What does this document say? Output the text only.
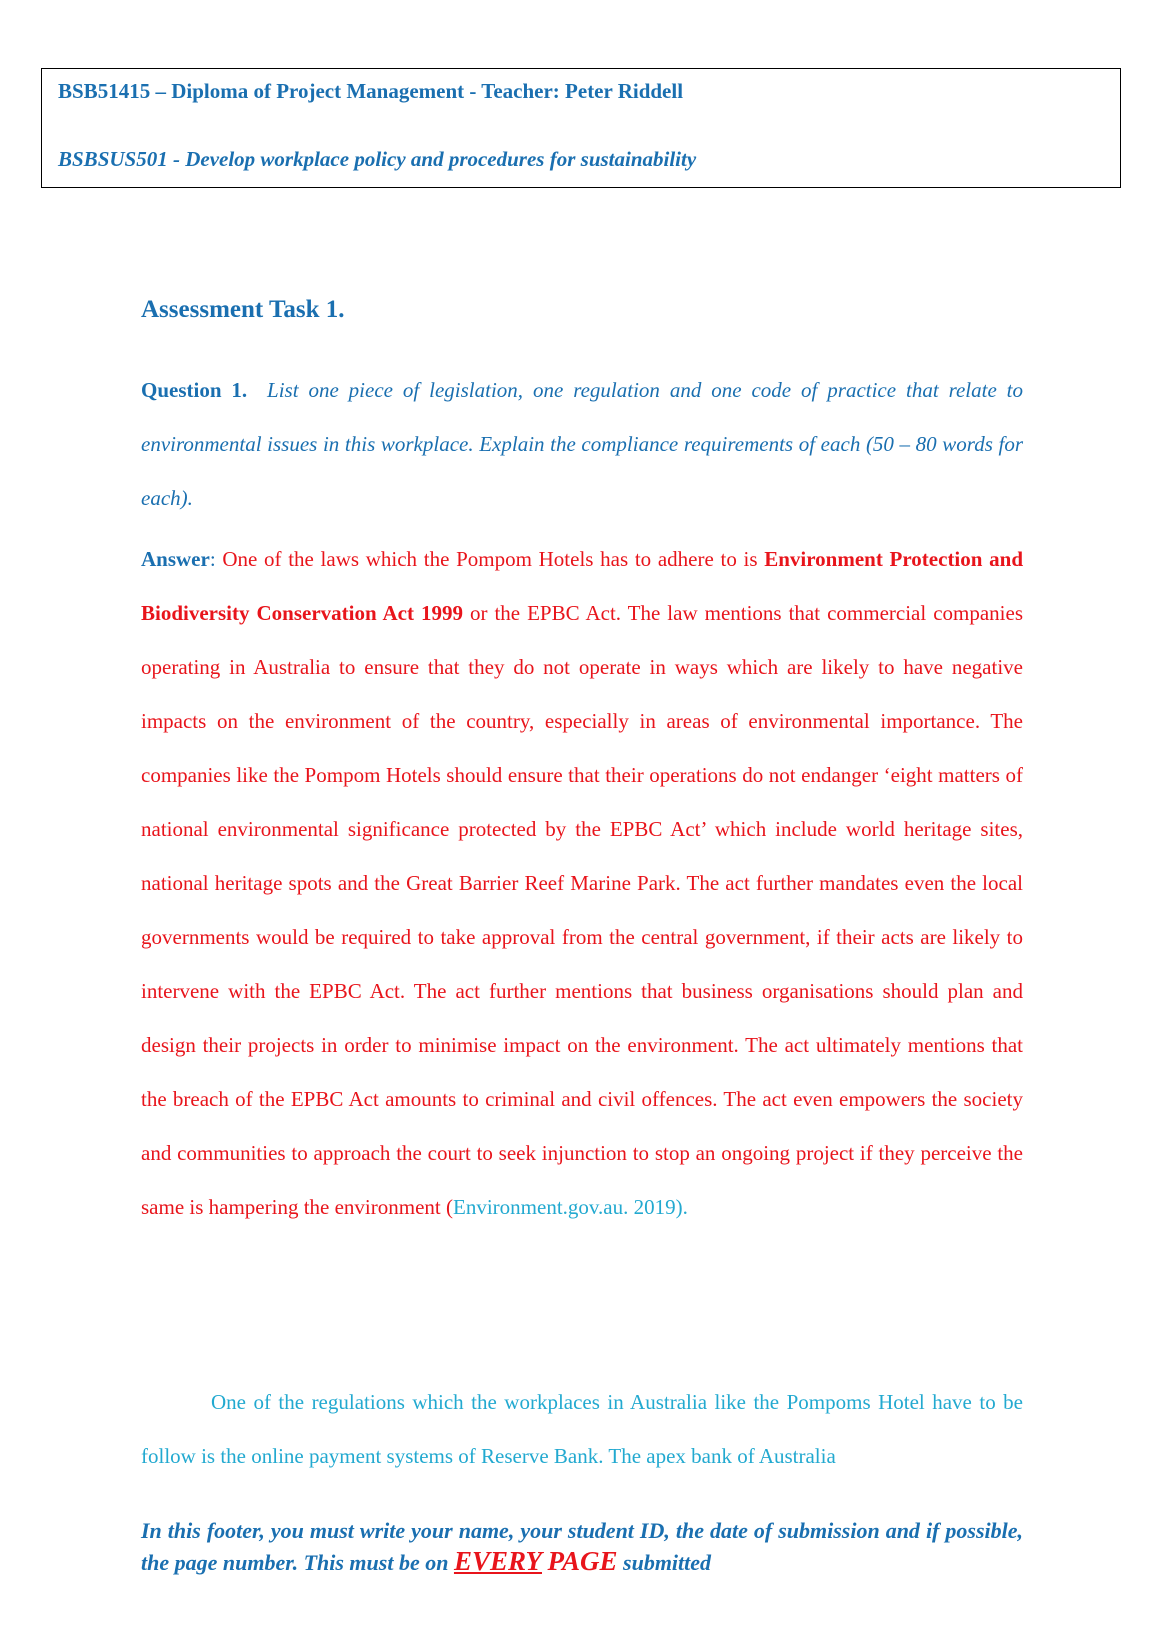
BSB51415 – Diploma of Project Management - Teacher: Peter Riddell
BSBSUS501 - Develop workplace policy and procedures for sustainability
Assessment Task 1.

Question 1. List one piece of legislation, one regulation and one code of practice that relate to environmental issues in this workplace. Explain the compliance requirements of each (50 – 80 words for each).

Answer: One of the laws which the Pompom Hotels has to adhere to is Environment Protection and Biodiversity Conservation Act 1999 or the EPBC Act. The law mentions that commercial companies operating in Australia to ensure that they do not operate in ways which are likely to have negative impacts on the environment of the country, especially in areas of environmental importance. The companies like the Pompom Hotels should ensure that their operations do not endanger ‘eight matters of national environmental significance protected by the EPBC Act’ which include world heritage sites, national heritage spots and the Great Barrier Reef Marine Park. The act further mandates even the local governments would be required to take approval from the central government, if their acts are likely to intervene with the EPBC Act. The act further mentions that business organisations should plan and design their projects in order to minimise impact on the environment. The act ultimately mentions that the breach of the EPBC Act amounts to criminal and civil offences. The act even empowers the society and communities to approach the court to seek injunction to stop an ongoing project if they perceive the same is hampering the environment (Environment.gov.au. 2019).

One of the regulations which the workplaces in Australia like the Pompoms Hotel have to be follow is the online payment systems of Reserve Bank. The apex bank of Australia

In this footer, you must write your name, your student ID, the date of submission and if possible, the page number. This must be on EVERY PAGE submitted
